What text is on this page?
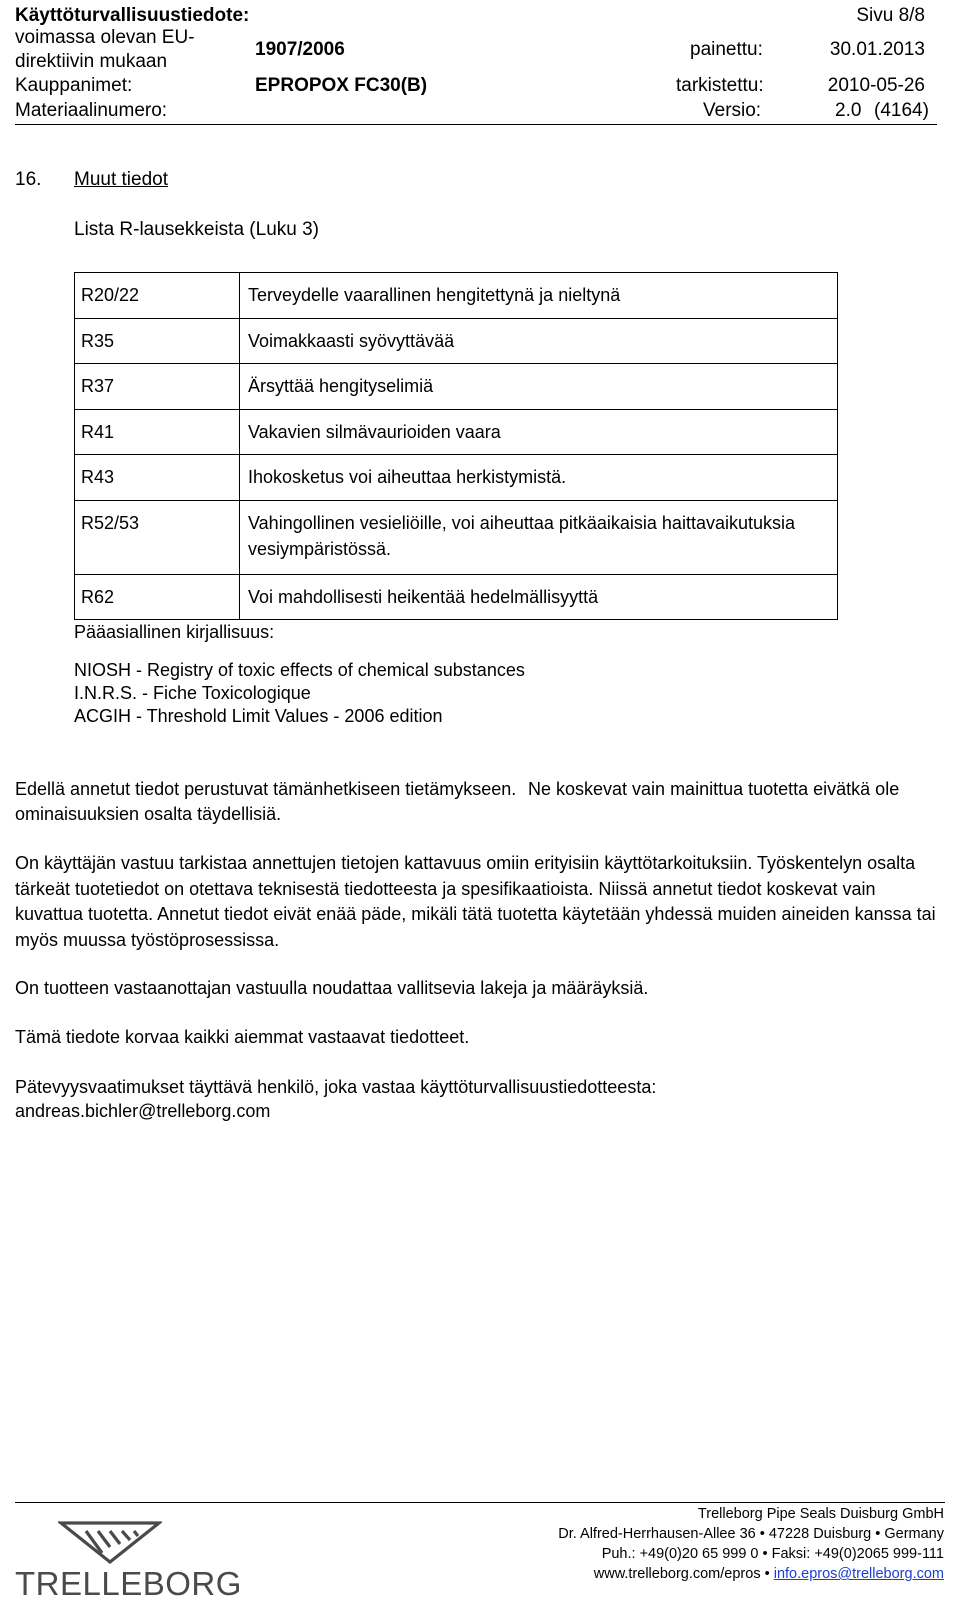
Käyttöturvallisuustiedote:	Sivu 8/8
voimassa olevan EU-
direktiivin mukaan
1907/2006	painettu:	30.01.2013
Kauppanimet:	EPROPOX FC30(B)	tarkistettu:	2010-05-26
Materiaalinumero:	Versio:	2.0 (4164)
16. Muut tiedot
Lista R-lausekkeista (Luku 3)
R20/22	Terveydelle vaarallinen hengitettynä ja nieltynä

R35	Voimakkaasti syövyttävää

R37	Ärsyttää hengityselimiä

R41	Vakavien silmävaurioiden vaara

R43	Ihokosketus voi aiheuttaa herkistymistä.

R52/53	Vahingollinen vesieliöille, voi aiheuttaa pitkäaikaisia haittavaikutuksia
vesiympäristössä.

R62	Voi mahdollisesti heikentää hedelmällisyyttä
Pääasiallinen kirjallisuus:
NIOSH - Registry of toxic effects of chemical substances
I.N.R.S. - Fiche Toxicologique
ACGIH - Threshold Limit Values - 2006 edition
Edellä annetut tiedot perustuvat tämänhetkiseen tietämykseen. Ne koskevat vain mainittua tuotetta eivätkä ole
ominaisuuksien osalta täydellisiä.
On käyttäjän vastuu tarkistaa annettujen tietojen kattavuus omiin erityisiin käyttötarkoituksiin. Työskentelyn osalta
tärkeät tuotetiedot on otettava teknisestä tiedotteesta ja spesifikaatioista. Niissä annetut tiedot koskevat vain
kuvattua tuotetta. Annetut tiedot eivät enää päde, mikäli tätä tuotetta käytetään yhdessä muiden aineiden kanssa tai
myös muussa työstöprosessissa.
On tuotteen vastaanottajan vastuulla noudattaa vallitsevia lakeja ja määräyksiä.
Tämä tiedote korvaa kaikki aiemmat vastaavat tiedotteet.
Pätevyysvaatimukset täyttävä henkilö, joka vastaa käyttöturvallisuustiedotteesta:
andreas.bichler@trelleborg.com
TRELLEBORG
Trelleborg Pipe Seals Duisburg GmbH
Dr. Alfred-Herrhausen-Allee 36 • 47228 Duisburg • Germany
Puh.: +49(0)20 65 999 0 • Faksi: +49(0)2065 999-111
www.trelleborg.com/epros • info.epros@trelleborg.com
